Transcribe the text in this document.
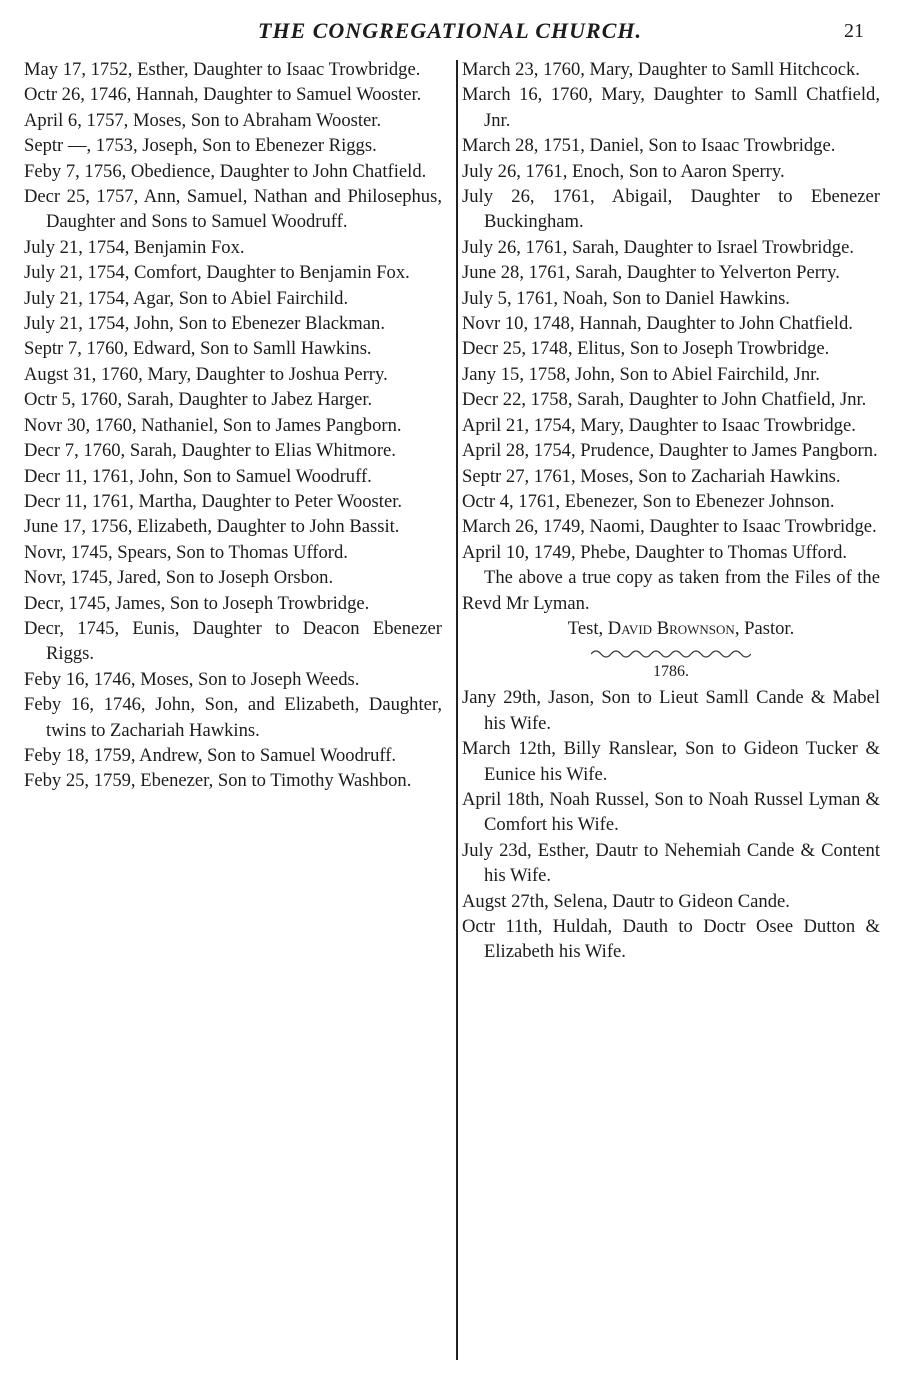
THE CONGREGATIONAL CHURCH.	21

May 17, 1752, Esther, Daughter to Isaac Trowbridge.

Octr 26, 1746, Hannah, Daughter to Samuel Wooster.

April 6, 1757, Moses, Son to Abraham Wooster.

Septr —, 1753, Joseph, Son to Ebenezer Riggs.

Feby 7, 1756, Obedience, Daughter to John Chatfield.

Decr 25, 1757, Ann, Samuel, Nathan and Philosephus, Daughter and Sons to Samuel Woodruff.

July 21, 1754, Benjamin Fox.

July 21, 1754, Comfort, Daughter to Benjamin Fox.

July 21, 1754, Agar, Son to Abiel Fairchild.

July 21, 1754, John, Son to Ebenezer Blackman.

Septr 7, 1760, Edward, Son to Samll Hawkins.

Augst 31, 1760, Mary, Daughter to Joshua Perry.

Octr 5, 1760, Sarah, Daughter to Jabez Harger.

Novr 30, 1760, Nathaniel, Son to James Pangborn.

Decr 7, 1760, Sarah, Daughter to Elias Whitmore.

Decr 11, 1761, John, Son to Samuel Woodruff.

Decr 11, 1761, Martha, Daughter to Peter Wooster.

June 17, 1756, Elizabeth, Daughter to John Bassit.

Novr, 1745, Spears, Son to Thomas Ufford.

Novr, 1745, Jared, Son to Joseph Orsbon.

Decr, 1745, James, Son to Joseph Trowbridge.

Decr, 1745, Eunis, Daughter to Deacon Ebenezer Riggs.

Feby 16, 1746, Moses, Son to Joseph Weeds.

Feby 16, 1746, John, Son, and Elizabeth, Daughter, twins to Zachariah Hawkins.

Feby 18, 1759, Andrew, Son to Samuel Woodruff.

Feby 25, 1759, Ebenezer, Son to Timothy Washbon.

March 23, 1760, Mary, Daughter to Samll Hitchcock.

March 16, 1760, Mary, Daughter to Samll Chatfield, Jnr.

March 28, 1751, Daniel, Son to Isaac Trowbridge.

July 26, 1761, Enoch, Son to Aaron Sperry.

July 26, 1761, Abigail, Daughter to Ebenezer Buckingham.

July 26, 1761, Sarah, Daughter to Israel Trowbridge.

June 28, 1761, Sarah, Daughter to Yelverton Perry.

July 5, 1761, Noah, Son to Daniel Hawkins.

Novr 10, 1748, Hannah, Daughter to John Chatfield.

Decr 25, 1748, Elitus, Son to Joseph Trowbridge.

Jany 15, 1758, John, Son to Abiel Fairchild, Jnr.

Decr 22, 1758, Sarah, Daughter to John Chatfield, Jnr.

April 21, 1754, Mary, Daughter to Isaac Trowbridge.

April 28, 1754, Prudence, Daughter to James Pangborn.

Septr 27, 1761, Moses, Son to Zachariah Hawkins.

Octr 4, 1761, Ebenezer, Son to Ebenezer Johnson.

March 26, 1749, Naomi, Daughter to Isaac Trowbridge.

April 10, 1749, Phebe, Daughter to Thomas Ufford.

The above a true copy as taken from the Files of the Revd Mr Lyman.

Test, David Brownson, Pastor.

1786.

Jany 29th, Jason, Son to Lieut Samll Cande & Mabel his Wife.

March 12th, Billy Ranslear, Son to Gideon Tucker & Eunice his Wife.

April 18th, Noah Russel, Son to Noah Russel Lyman & Comfort his Wife.

July 23d, Esther, Dautr to Nehemiah Cande & Content his Wife.

Augst 27th, Selena, Dautr to Gideon Cande.

Octr 11th, Huldah, Dauth to Doctr Osee Dutton & Elizabeth his Wife.
